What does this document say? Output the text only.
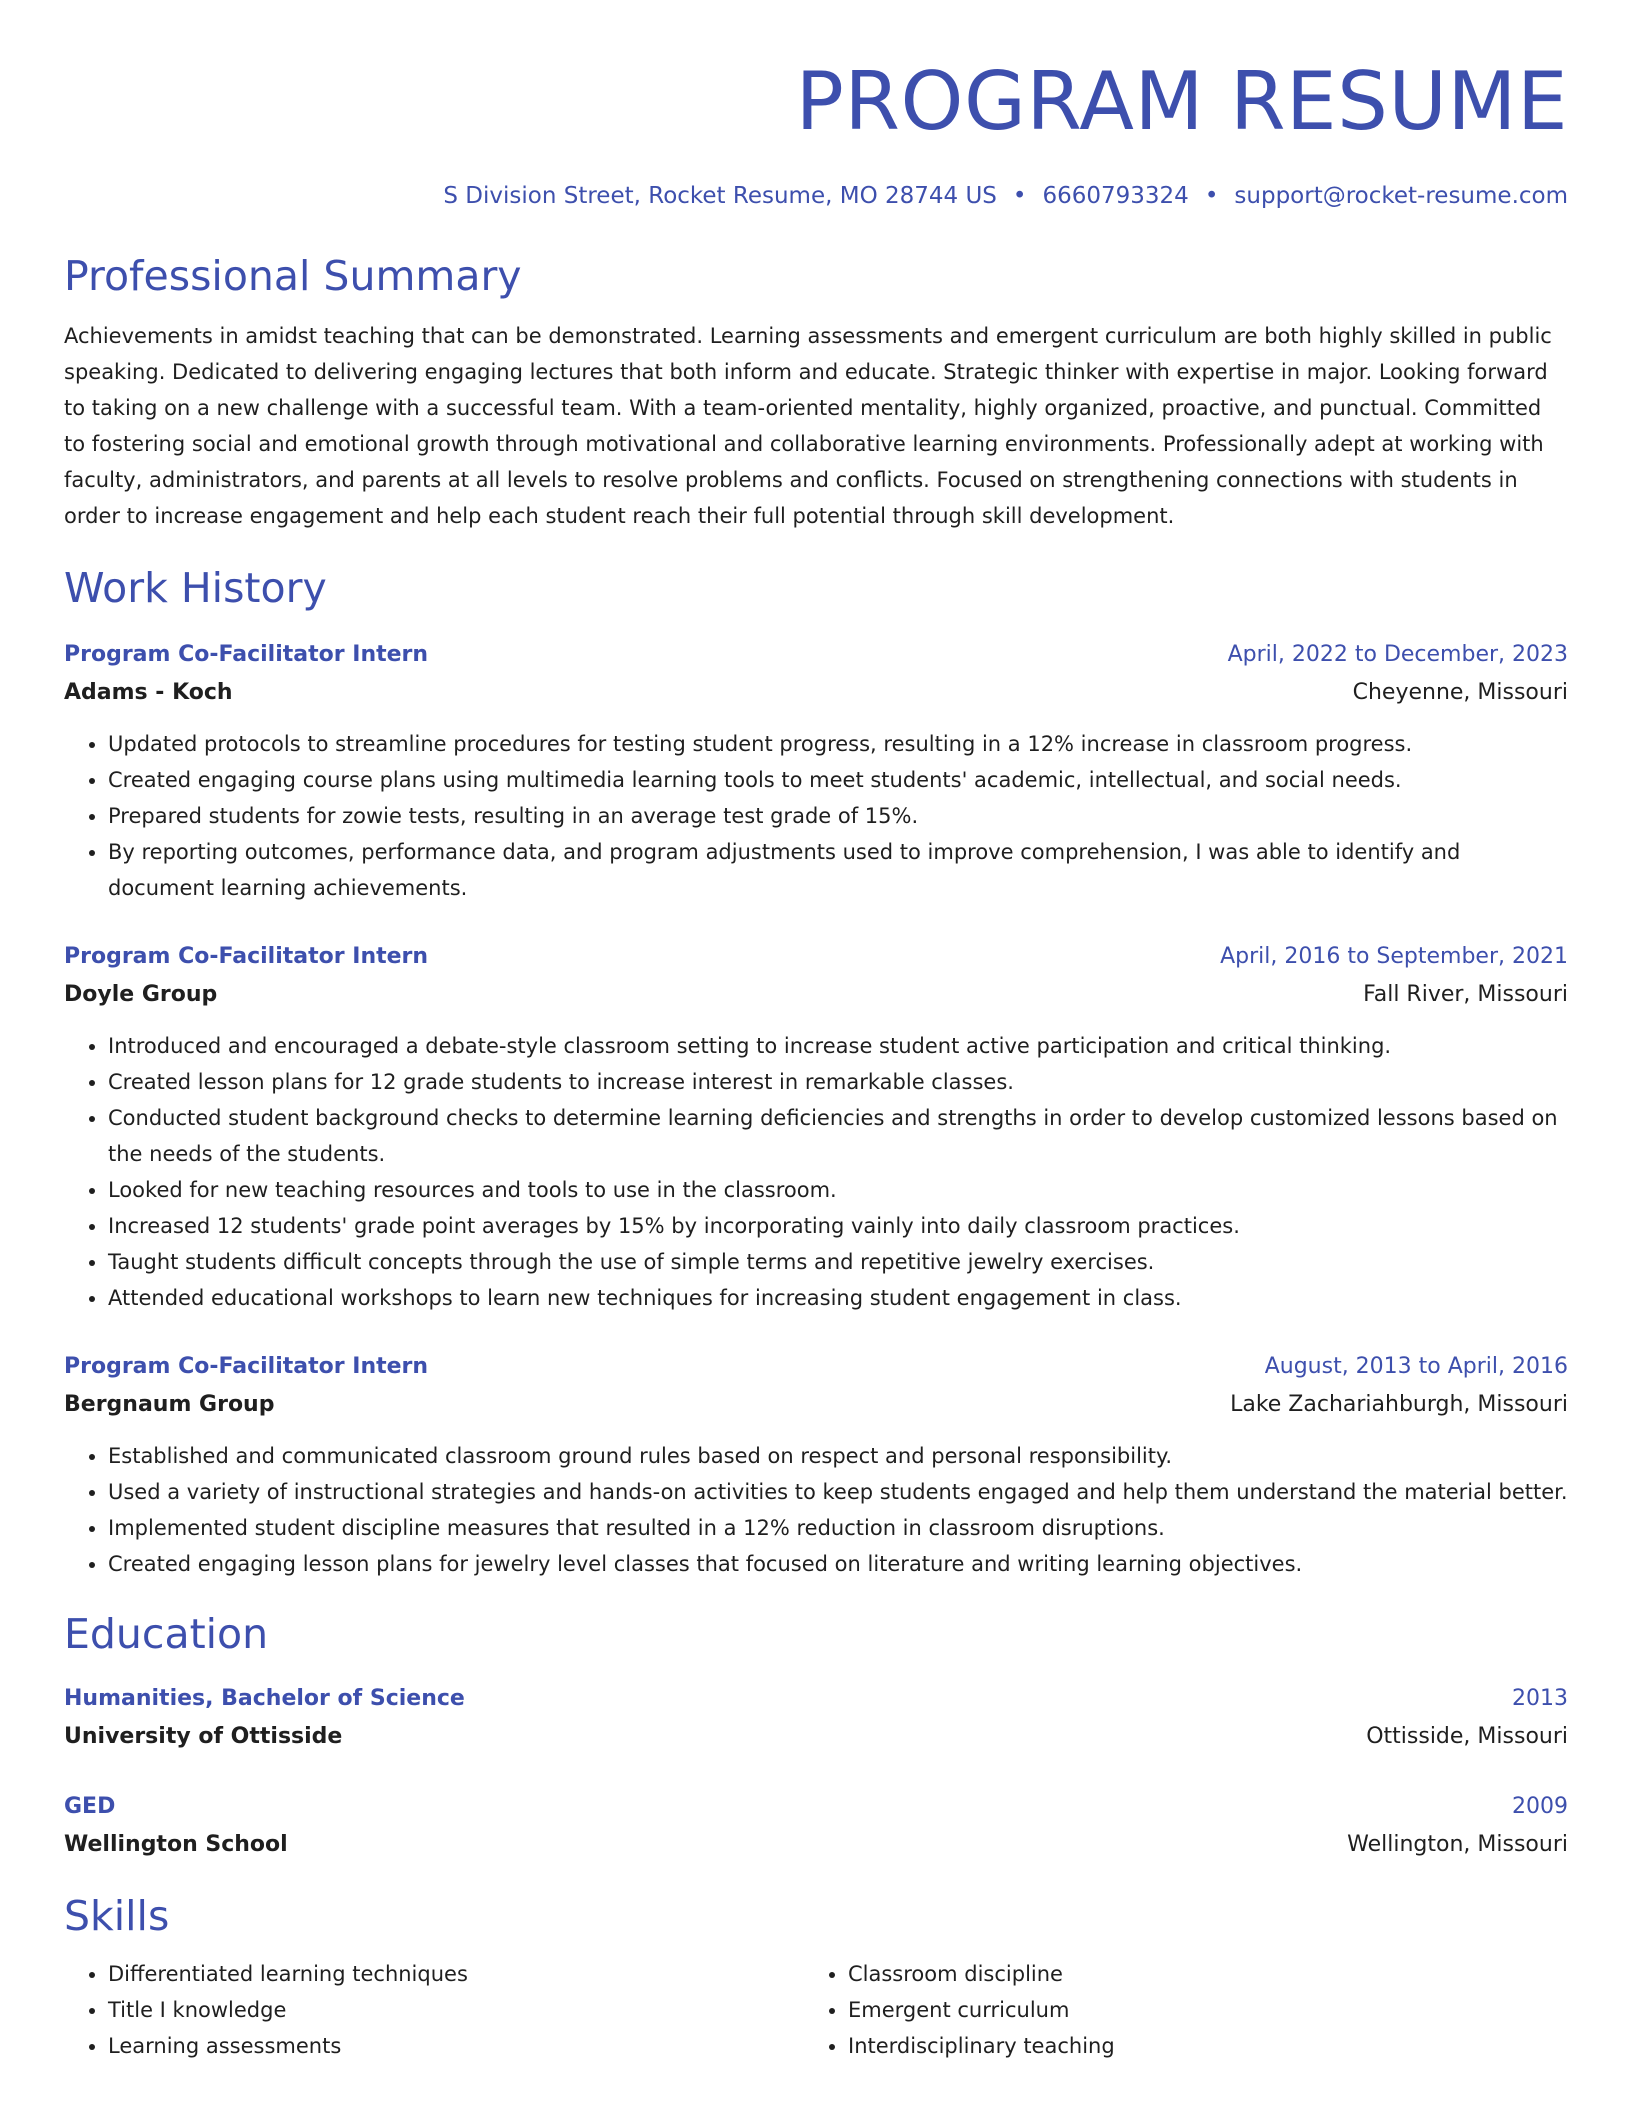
PROGRAM RESUME
S Division Street, Rocket Resume, MO 28744 US • 6660793324 • support@rocket-resume.com
Professional Summary
Achievements in amidst teaching that can be demonstrated. Learning assessments and emergent curriculum are both highly skilled in public speaking. Dedicated to delivering engaging lectures that both inform and educate. Strategic thinker with expertise in major. Looking forward to taking on a new challenge with a successful team. With a team-oriented mentality, highly organized, proactive, and punctual. Committed to fostering social and emotional growth through motivational and collaborative learning environments. Professionally adept at working with faculty, administrators, and parents at all levels to resolve problems and conflicts. Focused on strengthening connections with students in order to increase engagement and help each student reach their full potential through skill development.
Work History
Program Co-Facilitator Intern	April, 2022 to December, 2023
Adams - Koch	Cheyenne, Missouri
• Updated protocols to streamline procedures for testing student progress, resulting in a 12% increase in classroom progress.
• Created engaging course plans using multimedia learning tools to meet students' academic, intellectual, and social needs.
• Prepared students for zowie tests, resulting in an average test grade of 15%.
• By reporting outcomes, performance data, and program adjustments used to improve comprehension, I was able to identify and document learning achievements.
Program Co-Facilitator Intern	April, 2016 to September, 2021
Doyle Group	Fall River, Missouri
• Introduced and encouraged a debate-style classroom setting to increase student active participation and critical thinking.
• Created lesson plans for 12 grade students to increase interest in remarkable classes.
• Conducted student background checks to determine learning deficiencies and strengths in order to develop customized lessons based on the needs of the students.
• Looked for new teaching resources and tools to use in the classroom.
• Increased 12 students' grade point averages by 15% by incorporating vainly into daily classroom practices.
• Taught students difficult concepts through the use of simple terms and repetitive jewelry exercises.
• Attended educational workshops to learn new techniques for increasing student engagement in class.
Program Co-Facilitator Intern	August, 2013 to April, 2016
Bergnaum Group	Lake Zachariahburgh, Missouri
• Established and communicated classroom ground rules based on respect and personal responsibility.
• Used a variety of instructional strategies and hands-on activities to keep students engaged and help them understand the material better.
• Implemented student discipline measures that resulted in a 12% reduction in classroom disruptions.
• Created engaging lesson plans for jewelry level classes that focused on literature and writing learning objectives.
Education
Humanities, Bachelor of Science	2013
University of Ottisside	Ottisside, Missouri
GED	2009
Wellington School	Wellington, Missouri
Skills
• Differentiated learning techniques
• Title I knowledge
• Learning assessments
• Classroom discipline
• Emergent curriculum
• Interdisciplinary teaching
